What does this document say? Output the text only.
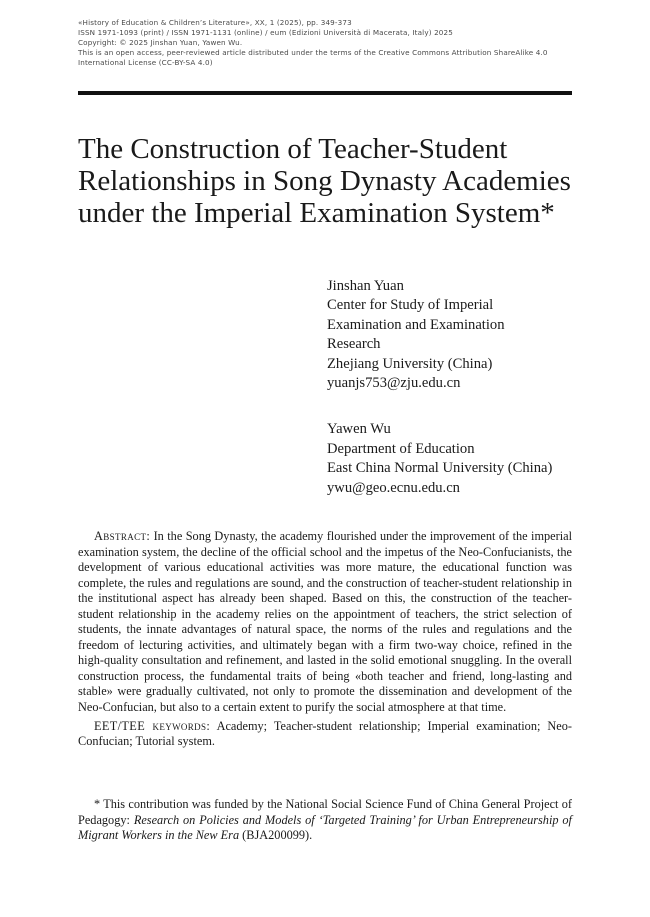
«History of Education & Children’s Literature», XX, 1 (2025), pp. 349-373
ISSN 1971-1093 (print) / ISSN 1971-1131 (online) / eum (Edizioni Università di Macerata, Italy) 2025
Copyright: © 2025 Jinshan Yuan, Yawen Wu.
This is an open access, peer-reviewed article distributed under the terms of the Creative Commons Attribution ShareAlike 4.0
International License (CC-BY-SA 4.0)
The Construction of Teacher-Student
Relationships in Song Dynasty Academies
under the Imperial Examination System*
Jinshan Yuan
Center for Study of Imperial
Examination and Examination
Research
Zhejiang University (China)
yuanjs753@zju.edu.cn
Yawen Wu
Department of Education
East China Normal University (China)
ywu@geo.ecnu.edu.cn

Abstract: In the Song Dynasty, the academy flourished under the improvement of the imperial examination system, the decline of the official school and the impetus of the Neo-Confucianists, the development of various educational activities was more mature, the educational function was complete, the rules and regulations are sound, and the construction of teacher-student relationship in the institutional aspect has already been shaped. Based on this, the construction of the teacher-student relationship in the academy relies on the appointment of teachers, the strict selection of students, the innate advantages of natural space, the norms of the rules and regulations and the freedom of lecturing activities, and ultimately began with a firm two-way choice, refined in the high-quality consultation and refinement, and lasted in the solid emotional snuggling. In the overall construction process, the fundamental traits of being «both teacher and friend, long-lasting and stable» were gradually cultivated, not only to promote the dissemination and development of the Neo-Confucian, but also to a certain extent to purify the social atmosphere at that time.

EET/TEE keywords: Academy; Teacher-student relationship; Imperial examination; Neo-Confucian; Tutorial system.

* This contribution was funded by the National Social Science Fund of China General Project of Pedagogy: Research on Policies and Models of ‘Targeted Training’ for Urban Entrepreneurship of Migrant Workers in the New Era (BJA200099).
